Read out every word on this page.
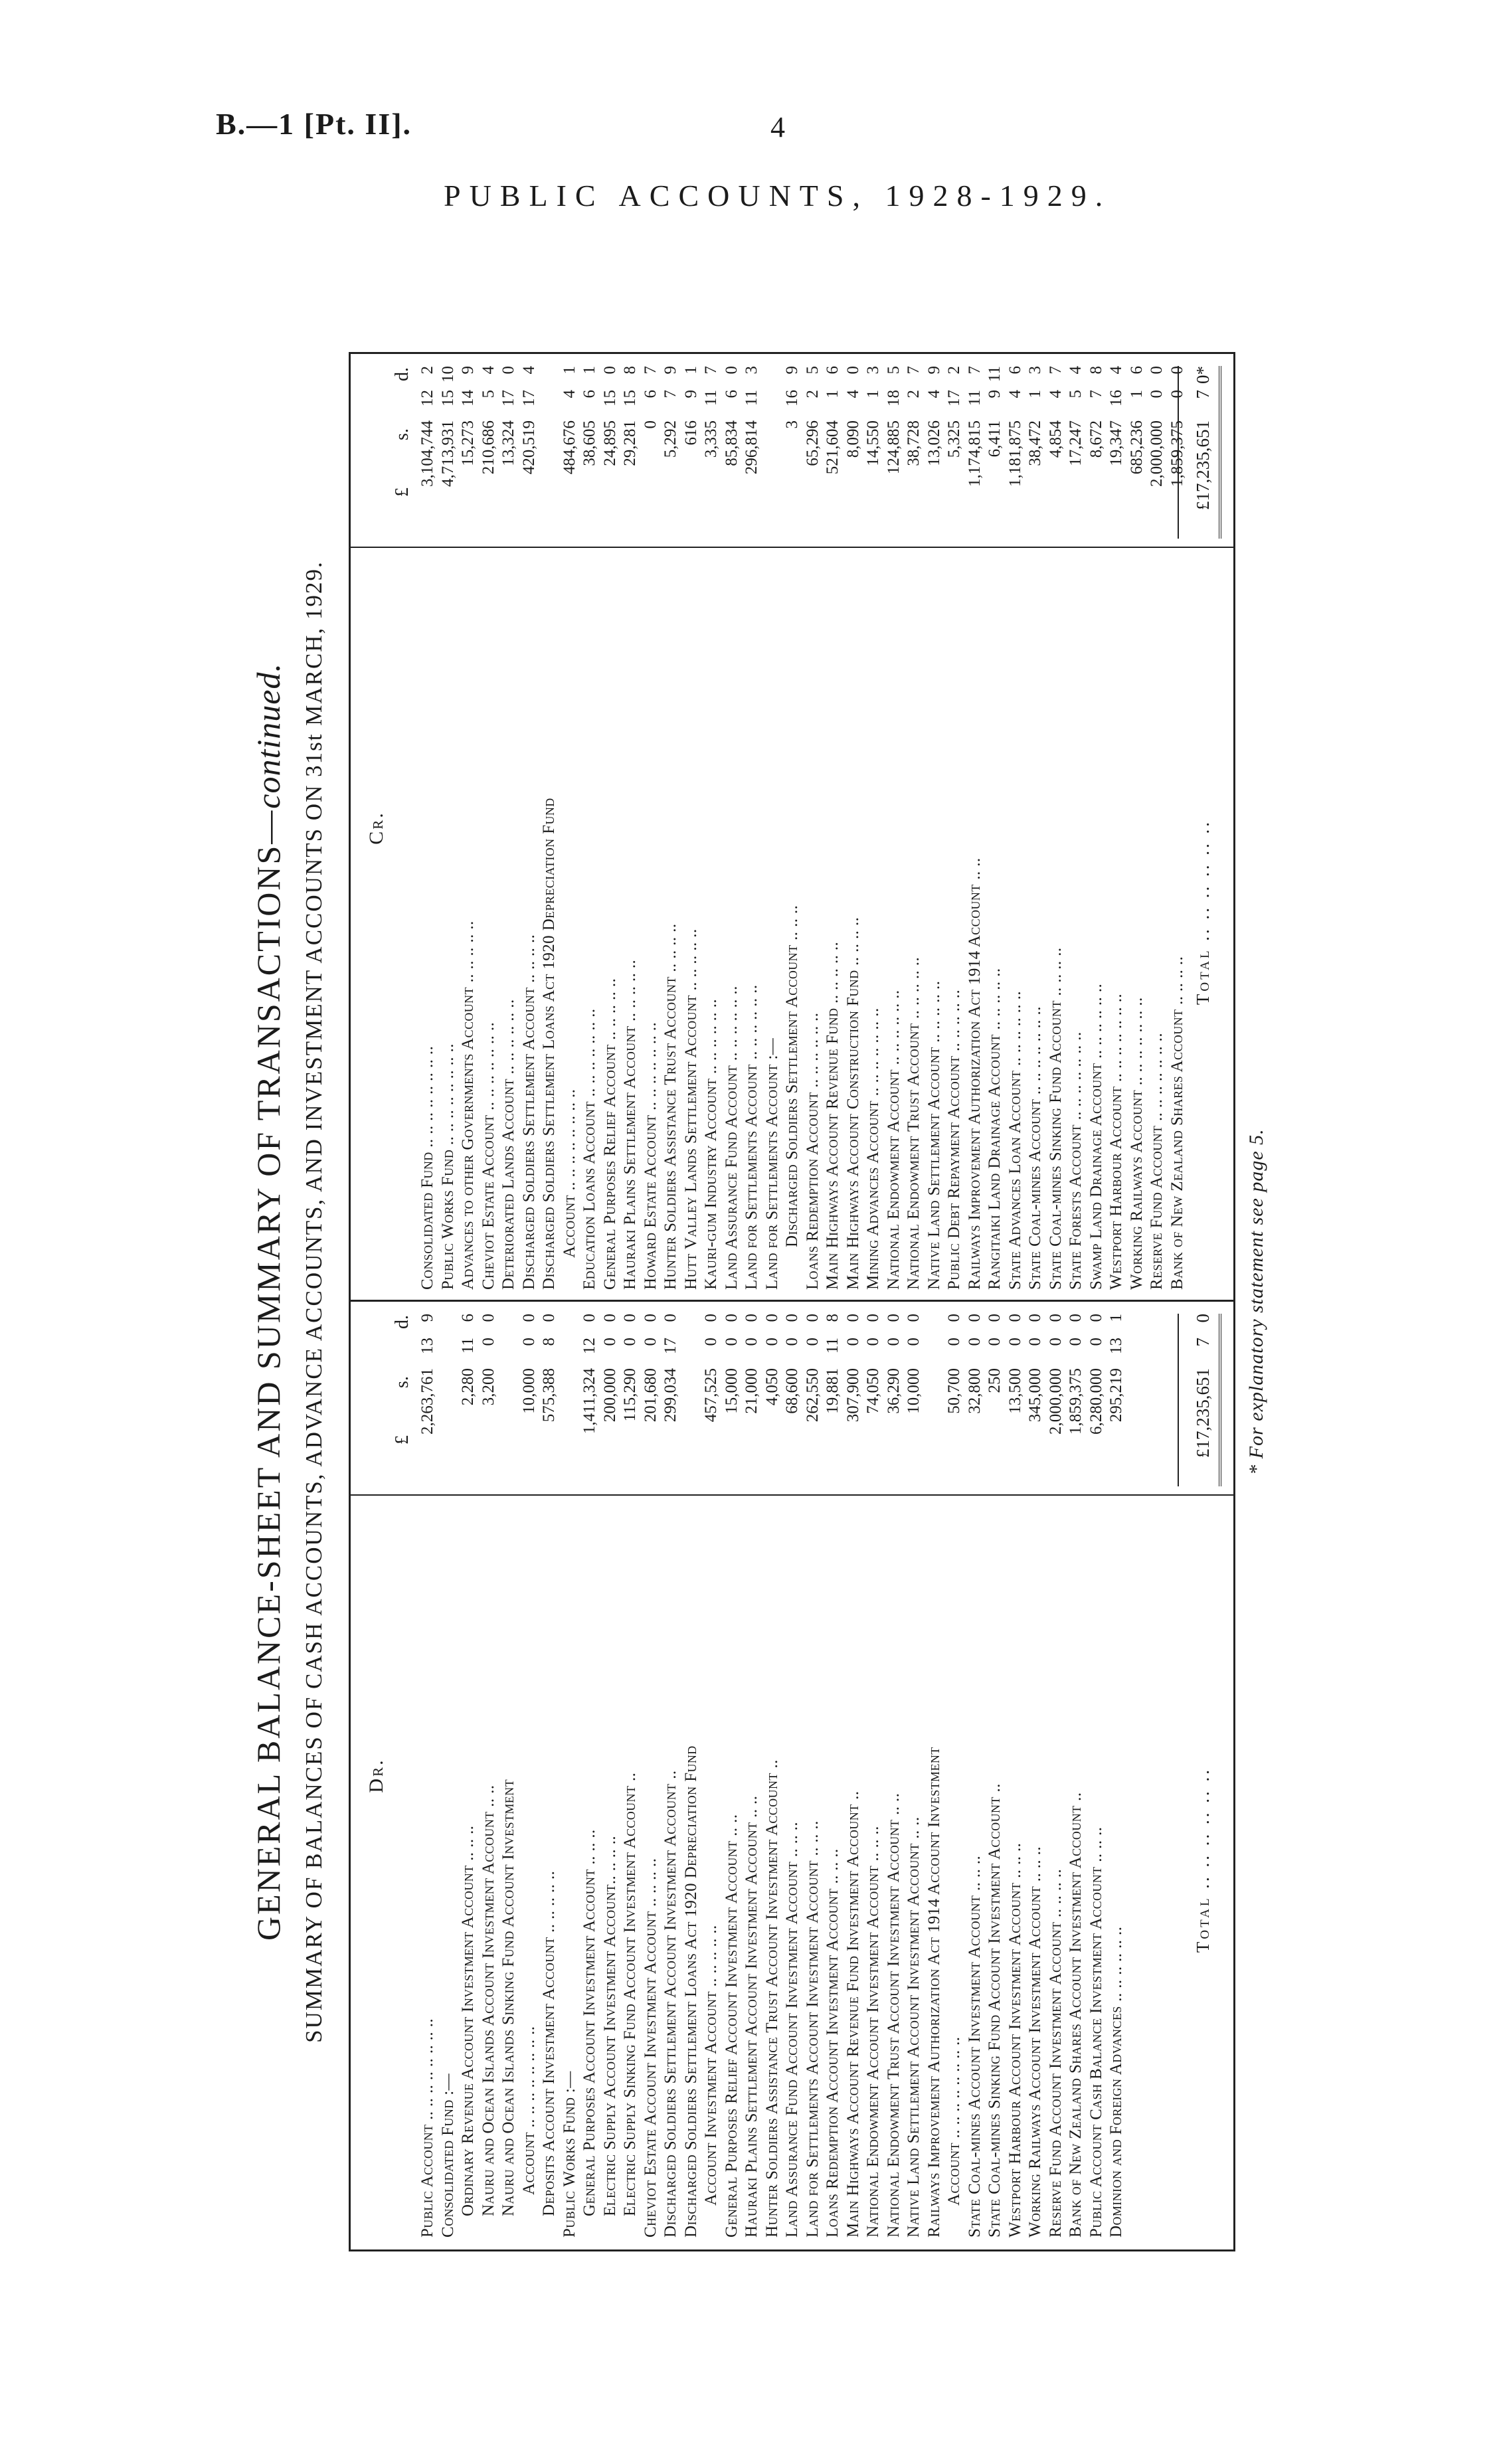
B.—1 [Pt. II].	4
PUBLIC ACCOUNTS, 1928-1929.
GENERAL BALANCE-SHEET AND SUMMARY OF TRANSACTIONS—continued. SUMMARY OF BALANCES OF CASH ACCOUNTS, ADVANCE ACCOUNTS, AND INVESTMENT ACCOUNTS ON 31st MARCH, 1929. Dr.
£
s.
d.
Public Account .. .. .. .. .. .. .. ..
2,263,761
13
9
Consolidated Fund :— Ordinary Revenue Account Investment Account .. .. ..
2,280
11
6
Nauru and Ocean Islands Account Investment Account .. ..
3,200
0
0
Nauru and Ocean Islands Sinking Fund Account Investment Account .. .. .. .. .. .. .. ..
10,000
0
0
Deposits Account Investment Account .. .. .. .. ..
575,388
8
0
Public Works Fund :— General Purposes Account Investment Account .. .. ..
1,411,324
12
0
Electric Supply Account Investment Account.. .. .. ..
200,000
0
0
Electric Supply Sinking Fund Account Investment Account ..
115,290
0
0
Cheviot Estate Account Investment Account .. .. .. ..
201,680
0
0
Discharged Soldiers Settlement Account Investment Account ..
299,034
17
0
Discharged Soldiers Settlement Loans Act 1920 Depreciation Fund Account Investment Account .. .. .. .. ..
457,525
0
0
General Purposes Relief Account Investment Account .. ..
15,000
0
0
Hauraki Plains Settlement Account Investment Account .. ..
21,000
0
0
Hunter Soldiers Assistance Trust Account Investment Account ..
4,050
0
0
Land Assurance Fund Account Investment Account .. .. ..
68,600
0
0
Land for Settlements Account Investment Account .. .. ..
262,550
0
0
Loans Redemption Account Investment Account .. .. ..
19,881
11
8
Main Highways Account Revenue Fund Investment Account ..
307,900
0
0
National Endowment Account Investment Account .. .. ..
74,050
0
0
National Endowment Trust Account Investment Account .. ..
36,290
0
0
Native Land Settlement Account Investment Account .. ..
10,000
0
0
Railways Improvement Authorization Act 1914 Account Investment Account .. .. .. .. .. .. .. ..
50,700
0
0
State Coal-mines Account Investment Account .. .. ..
32,800
0
0
State Coal-mines Sinking Fund Account Investment Account ..
250
0
0
Westport Harbour Account Investment Account .. .. ..
13,500
0
0
Working Railways Account Investment Account .. .. ..
345,000
0
0
Reserve Fund Account Investment Account .. .. .. ..
2,000,000
0
0
Bank of New Zealand Shares Account Investment Account ..
1,859,375
0
0
Public Account Cash Balance Investment Account .. .. ..
6,280,000
0
0
Dominion and Foreign Advances .. .. .. .. .. ..
295,219
13
1
Total .. .. .. .. .. ..
£17,235,651
7
0
Cr.
£
s.
d.
Consolidated Fund .. .. .. .. .. .. .. ..
3,104,744
12
2
Public Works Fund .. .. .. .. .. .. .. ..
4,713,931
15
10
Advances to other Governments Account .. .. .. .. ..
15,273
14
9
Cheviot Estate Account .. .. .. .. .. .. ..
210,686
5
4
Deteriorated Lands Account .. .. .. .. .. ..
13,324
17
0
Discharged Soldiers Settlement Account .. .. .. ..
420,519
17
4
Discharged Soldiers Settlement Loans Act 1920 Depreciation Fund Account .. .. .. .. .. .. .. ..
484,676
4
1
Education Loans Account .. .. .. .. .. .. ..
38,605
6
1
General Purposes Relief Account .. .. .. .. ..
24,895
15
0
Hauraki Plains Settlement Account .. .. .. .. ..
29,281
15
8
Howard Estate Account .. .. .. .. .. .. ..
0
6
7
Hunter Soldiers Assistance Trust Account .. .. .. ..
5,292
7
9
Hutt Valley Lands Settlement Account .. .. .. .. ..
616
9
1
Kauri-gum Industry Account .. .. .. .. .. ..
3,335
11
7
Land Assurance Fund Account .. .. .. .. .. ..
85,834
6
0
Land for Settlements Account .. .. .. .. .. ..
296,814
11
3
Land for Settlements Account :— Discharged Soldiers Settlement Account .. .. ..
3
16
9
Loans Redemption Account .. .. .. .. .. ..
65,296
2
5
Main Highways Account Revenue Fund .. .. .. .. ..
521,604
1
6
Main Highways Account Construction Fund .. .. .. ..
8,090
4
0
Mining Advances Account .. .. .. .. .. .. ..
14,550
1
3
National Endowment Account .. .. .. .. .. ..
124,885
18
5
National Endowment Trust Account .. .. .. .. ..
38,728
2
7
Native Land Settlement Account .. .. .. .. ..
13,026
4
9
Public Debt Repayment Account .. .. .. .. ..
5,325
17
2
Railways Improvement Authorization Act 1914 Account .. ..
1,174,815
11
7
Rangitaiki Land Drainage Account .. .. .. .. ..
6,411
9
11
State Advances Loan Account .. .. .. .. .. ..
1,181,875
4
6
State Coal-mines Account .. .. .. .. .. .. ..
38,472
1
3
State Coal-mines Sinking Fund Account .. .. .. ..
4,854
4
7
State Forests Account .. .. .. .. .. .. ..
17,247
5
4
Swamp Land Drainage Account .. .. .. .. .. ..
8,672
7
8
Westport Harbour Account .. .. .. .. .. .. ..
19,347
16
4
Working Railways Account .. .. .. .. .. .. ..
685,236
1
6
Reserve Fund Account .. .. .. .. .. .. ..
2,000,000
0
0
Bank of New Zealand Shares Account .. .. .. ..
1,859,375
0
0
Total .. .. .. .. .. ..
£17,235,651
7
0*
* For explanatory statement see page 5.
